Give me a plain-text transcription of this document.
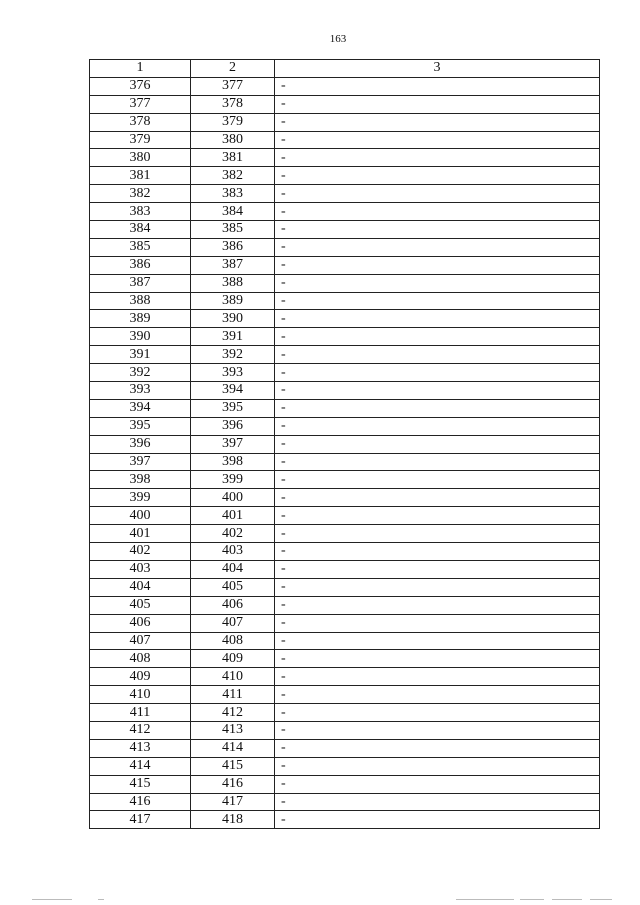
163
1	2	3
376	377	-
377	378	-
378	379	-
379	380	-
380	381	-
381	382	-
382	383	-
383	384	-
384	385	-
385	386	-
386	387	-
387	388	-
388	389	-
389	390	-
390	391	-
391	392	-
392	393	-
393	394	-
394	395	-
395	396	-
396	397	-
397	398	-
398	399	-
399	400	-
400	401	-
401	402	-
402	403	-
403	404	-
404	405	-
405	406	-
406	407	-
407	408	-
408	409	-
409	410	-
410	411	-
411	412	-
412	413	-
413	414	-
414	415	-
415	416	-
416	417	-
417	418	-
